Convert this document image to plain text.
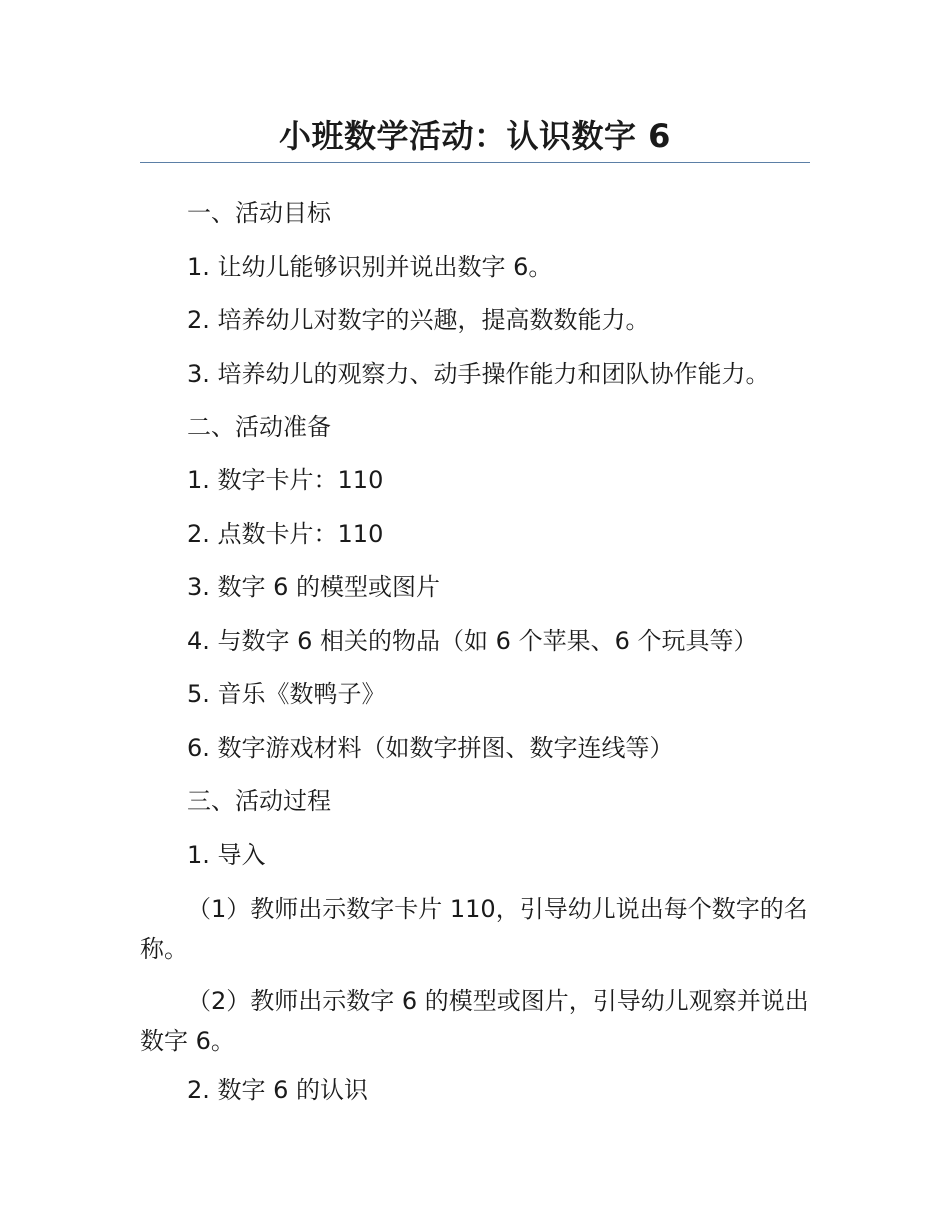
小班数学活动：认识数字 6
一、活动目标
1. 让幼儿能够识别并说出数字 6。
2. 培养幼儿对数字的兴趣，提高数数能力。
3. 培养幼儿的观察力、动手操作能力和团队协作能力。
二、活动准备
1. 数字卡片：110
2. 点数卡片：110
3. 数字 6 的模型或图片
4. 与数字 6 相关的物品（如 6 个苹果、6 个玩具等）
5. 音乐《数鸭子》
6. 数字游戏材料（如数字拼图、数字连线等）
三、活动过程
1. 导入
（1）教师出示数字卡片 110，引导幼儿说出每个数字的名称。
（2）教师出示数字 6 的模型或图片，引导幼儿观察并说出数字 6。
2. 数字 6 的认识
